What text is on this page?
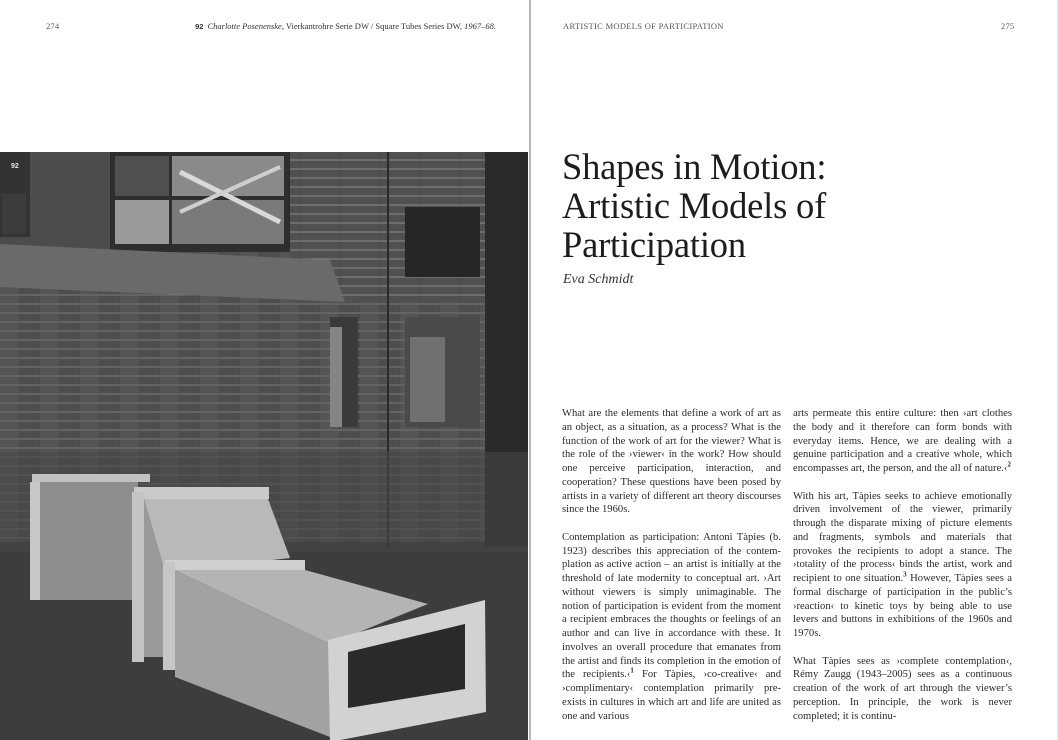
274	92 Charlotte Posenenske, Vierkantrohre Serie DW / Square Tubes Series DW, 1967–68.
92
ARTISTIC MODELS OF PARTICIPATION	275
Shapes in Motion:
Artistic Models of
Participation
Eva Schmidt

What are the elements that define a work of art as an object, as a situation, as a process? What is the function of the work of art for the viewer? What is the role of the ›viewer‹ in the work? How should one perceive participation, interaction, and cooperation? These questions have been posed by artists in a variety of different art theory discourses since the 1960s.

Contemplation as participation: Antoni Tàpies (b. 1923) describes this appreciation of the contemplation as active action – an artist is initially at the threshold of late modernity to conceptual art. ›Art without viewers is simply unimaginable. The notion of participation is evident from the moment a recipient embraces the thoughts or feelings of an author and can live in accordance with these. It involves an overall procedure that emanates from the artist and finds its completion in the emotion of the recipients.‹$^1$ For Tàpies, ›co-creative‹ and ›complimentary‹ contemplation primarily pre-exists in cultures in which art and life are united as one and various

arts permeate this entire culture: then ›art clothes the body and it therefore can form bonds with everyday items. Hence, we are dealing with a genuine participation and a creative whole, which encompasses art, the person, and the all of nature.‹$^2$

With his art, Tàpies seeks to achieve emotionally driven involvement of the viewer, primarily through the disparate mixing of picture elements and fragments, symbols and materials that provokes the recipients to adopt a stance. The ›totality of the process‹ binds the artist, work and recipient to one situation.$^3$ However, Tàpies sees a formal discharge of participation in the public’s ›reaction‹ to kinetic toys by being able to use levers and buttons in exhibitions of the 1960s and 1970s.

What Tàpies sees as ›complete contemplation‹, Rémy Zaugg (1943–2005) sees as a continuous creation of the work of art through the viewer’s perception. In principle, the work is never completed; it is continu-
